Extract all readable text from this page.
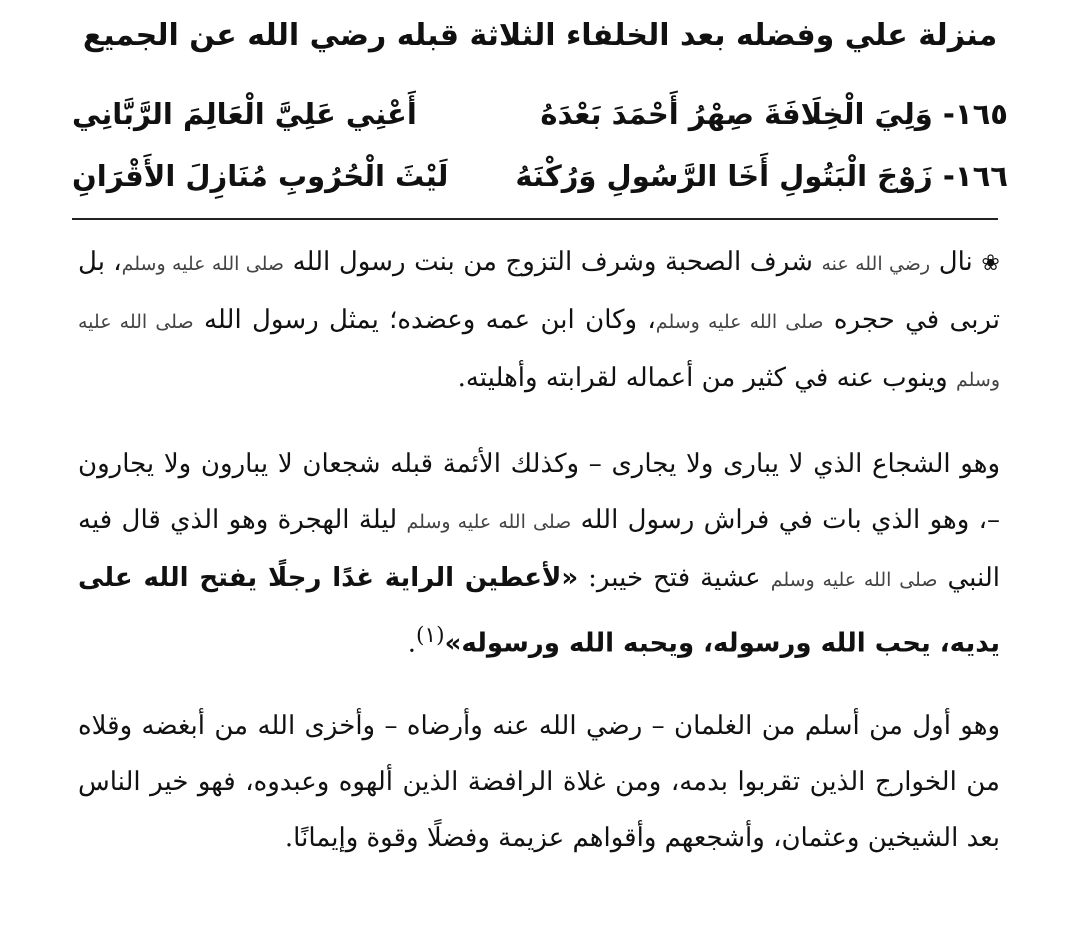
منزلة علي وفضله بعد الخلفاء الثلاثة قبله رضي الله عن الجميع
١٦٥- وَلِيَ الْخِلَافَةَ صِهْرُ أَحْمَدَ بَعْدَهُ
أَعْنِي عَلِيَّ الْعَالِمَ الرَّبَّانِي
١٦٦- زَوْجَ الْبَتُولِ أَخَا الرَّسُولِ وَرُكْنَهُ
لَيْثَ الْحُرُوبِ مُنَازِلَ الأَقْرَانِ
❀ نال رضي الله عنه شرف الصحبة وشرف التزوج من بنت رسول الله صلى الله عليه وسلم، بل تربى في حجره صلى الله عليه وسلم، وكان ابن عمه وعضده؛ يمثل رسول الله صلى الله عليه وسلم وينوب عنه في كثير من أعماله لقرابته وأهليته.
وهو الشجاع الذي لا يبارى ولا يجارى – وكذلك الأئمة قبله شجعان لا يبارون ولا يجارون –، وهو الذي بات في فراش رسول الله صلى الله عليه وسلم ليلة الهجرة وهو الذي قال فيه النبي صلى الله عليه وسلم عشية فتح خيبر: «لأعطين الراية غدًا رجلًا يفتح الله على يديه، يحب الله ورسوله، ويحبه الله ورسوله»$^{(١)}$.
وهو أول من أسلم من الغلمان – رضي الله عنه وأرضاه – وأخزى الله من أبغضه وقلاه من الخوارج الذين تقربوا بدمه، ومن غلاة الرافضة الذين ألهوه وعبدوه، فهو خير الناس بعد الشيخين وعثمان، وأشجعهم وأقواهم عزيمة وفضلًا وقوة وإيمانًا.
